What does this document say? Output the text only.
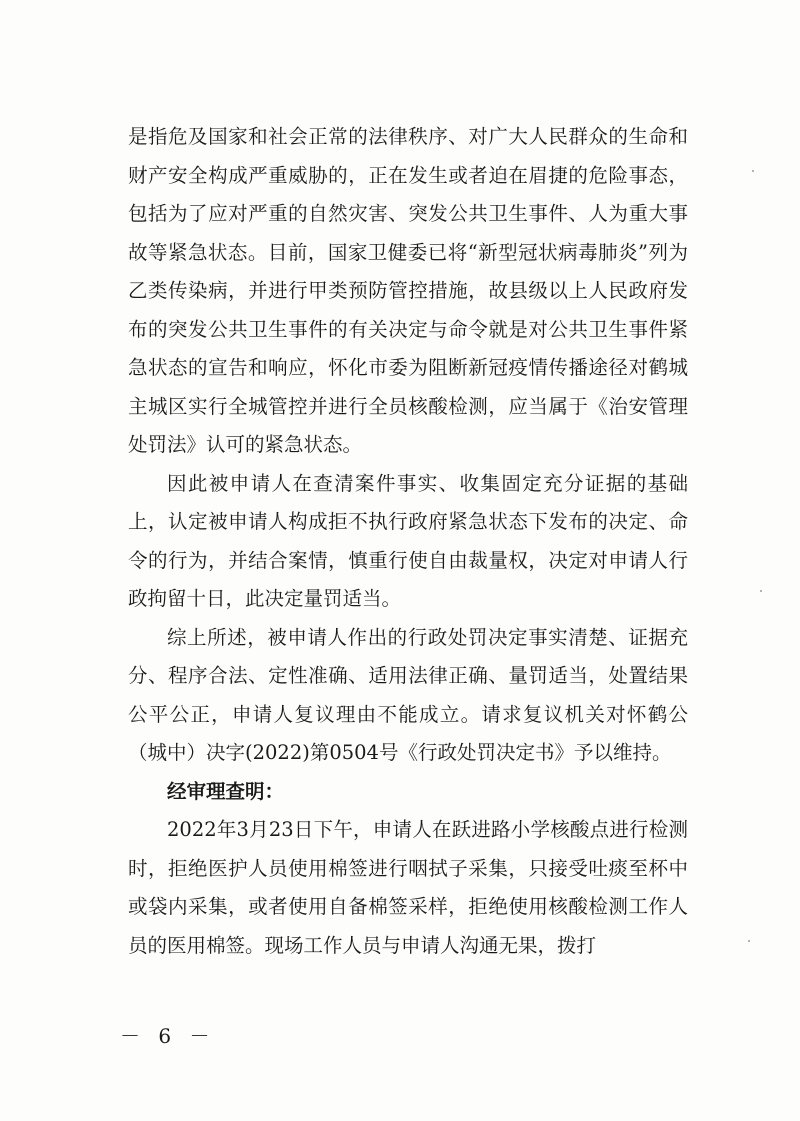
是指危及国家和社会正常的法律秩序、对广大人民群众的生命和财产安全构成严重威胁的，正在发生或者迫在眉捷的危险事态，包括为了应对严重的自然灾害、突发公共卫生事件、人为重大事故等紧急状态。目前，国家卫健委已将“新型冠状病毒肺炎”列为乙类传染病，并进行甲类预防管控措施，故县级以上人民政府发布的突发公共卫生事件的有关决定与命令就是对公共卫生事件紧急状态的宣告和响应，怀化市委为阻断新冠疫情传播途径对鹤城主城区实行全城管控并进行全员核酸检测，应当属于《治安管理处罚法》认可的紧急状态。

因此被申请人在查清案件事实、收集固定充分证据的基础上，认定被申请人构成拒不执行政府紧急状态下发布的决定、命令的行为，并结合案情，慎重行使自由裁量权，决定对申请人行政拘留十日，此决定量罚适当。

综上所述，被申请人作出的行政处罚决定事实清楚、证据充分、程序合法、定性准确、适用法律正确、量罚适当，处置结果公平公正，申请人复议理由不能成立。请求复议机关对怀鹤公（城中）决字(2022)第0504号《行政处罚决定书》予以维持。

经审理查明：

2022年3月23日下午，申请人在跃进路小学核酸点进行检测时，拒绝医护人员使用棉签进行咽拭子采集，只接受吐痰至杯中或袋内采集，或者使用自备棉签采样，拒绝使用核酸检测工作人员的医用棉签。现场工作人员与申请人沟通无果，拨打

－ 6 －
